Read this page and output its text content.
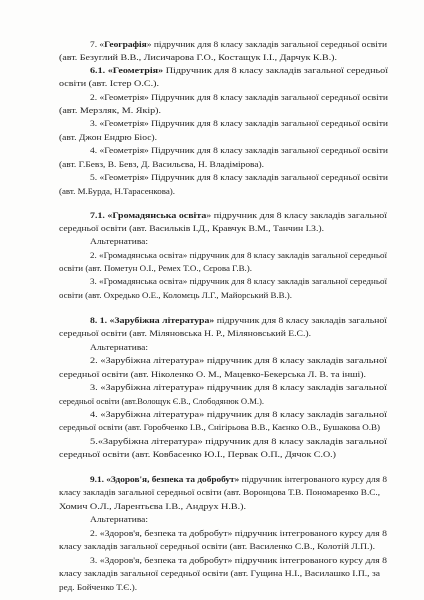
7. «Географія» підручник для 8 класу закладів загальної середньої освіти
(авт. Безуглий В.В., Лисичарова Г.О., Костащук І.І., Дарчук К.В.).
6.1. «Геометрія» Підручник для 8 класу закладів загальної середньої
освіти (авт. Істер О.С.).
2. «Геометрія» Підручник для 8 класу закладів загальної середньої освіти
(авт. Мерзляк, М. Якір).
3. «Геометрія» Підручник для 8 класу закладів загальної середньої освіти
(авт. Джон Ендрю Біос).
4. «Геометрія» Підручник для 8 класу закладів загальної середньої освіти
(авт. Г.Бевз, В. Бевз, Д. Васильєва, Н. Владімірова).
5. «Геометрія» Підручник для 8 класу закладів загальної середньої освіти
(авт. М.Бурда, Н.Тарасенкова).
7.1. «Громадянська освіта» підручник для 8 класу закладів загальної
середньої освіти (авт. Васильків І.Д., Кравчук В.М., Танчин І.З.).
Альтернатива:
2. «Громадянська освіта» підручник для 8 класу закладів загальної середньої
освіти (авт. Пометун О.І., Ремех Т.О., Сєрова Г.В.).
3. «Громадянська освіта» підручник для 8 класу закладів загальної середньої
освіти (авт. Охредько О.Е., Коломєць Л.Г., Майорський В.В.).
8. 1. «Зарубіжна література» підручник для 8 класу закладів загальної
середньої освіти (авт. Міляновська Н. Р., Міляновський Е.С.).
Альтернатива:
2. «Зарубіжна література» підручник для 8 класу закладів загальної
середньої освіти (авт. Ніколенко О. М., Мацевко-Бекерська Л. В. та інші).
3. «Зарубіжна література» підручник для 8 класу закладів загальної
середньої освіти (авт.Волощук Є.В., Слободянюк О.М.).
4. «Зарубіжна література» підручник для 8 класу закладів загальної
середньої освіти (авт. Горобченко І.В., Снігірьова В.В., Каєнко О.В., Бушакова О.В)
5.«Зарубіжна література» підручник для 8 класу закладів загальної
середньої освіти (авт. Ковбасенко Ю.І., Первак О.П., Дячок С.О.)
9.1. «Здоров'я, безпека та добробут» підручник інтегрованого курсу для 8
класу закладів загальної середньої освіти (авт. Воронцова Т.В. Пономаренко В.С.,
Хомич О.Л., Ларентьєва І.В., Андрух Н.В.).
Альтернатива:
2. «Здоров'я, безпека та добробут» підручник інтегрованого курсу для 8
класу закладів загальної середньої освіти (авт. Василенко С.В., Колотій Л.П.).
3. «Здоров'я, безпека та добробут» підручник інтегрованого курсу для 8
класу закладів загальної середньої освіти (авт. Гущина Н.І., Василашко І.П., за
ред. Бойченко Т.Є.).
